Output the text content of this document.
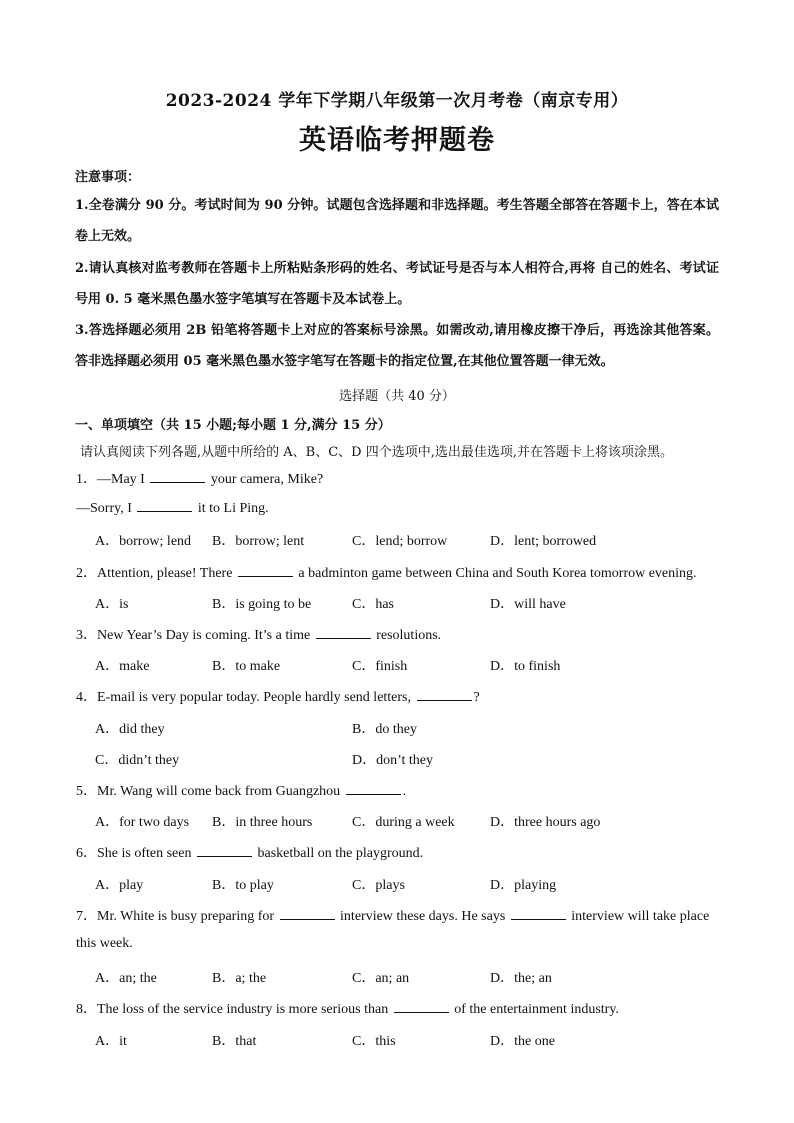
2023-2024 学年下学期八年级第一次月考卷（南京专用）
英语临考押题卷
注意事项：
1.全卷满分 90 分。考试时间为 90 分钟。试题包含选择题和非选择题。考生答题全部答在答题卡上，答在本试卷上无效。
2.请认真核对监考教师在答题卡上所粘贴条形码的姓名、考试证号是否与本人相符合,再将 自己的姓名、考试证号用 0. 5 毫米黑色墨水签字笔填写在答题卡及本试卷上。
3.答选择题必须用 2B 铅笔将答题卡上对应的答案标号涂黑。如需改动,请用橡皮擦干净后，再选涂其他答案。答非选择题必须用 05 毫米黑色墨水签字笔写在答题卡的指定位置,在其他位置答题一律无效。
选择题（共 40 分）
一、单项填空（共 15 小题;每小题 1 分,满分 15 分）
请认真阅读下列各题,从题中所给的 A、B、C、D 四个选项中,选出最佳选项,并在答题卡上将该项涂黑。
1．—May I	your camera, Mike?
—Sorry, I	it to Li Ping.
A．borrow; lend B．borrow; lent	C．lend; borrow	D．lent; borrowed
2．Attention, please! There	a badminton game between China and South Korea tomorrow evening.
A．is	B．is going to be	C．has	D．will have
3．New Year’s Day is coming. It’s a time	resolutions.
A．make	B．to make	C．finish	D．to finish
4．E-mail is very popular today. People hardly send letters,	?
A．did they	B．do they
C．didn’t they	D．don’t they
5．Mr. Wang will come back from Guangzhou	.
A．for two days B．in three hours	C．during a week	D．three hours ago
6．She is often seen	basketball on the playground.
A．play	B．to play	C．plays	D．playing
7．Mr. White is busy preparing for	interview these days. He says	interview will take place
this week.
A．an; the	B．a; the	C．an; an	D．the; an
8．The loss of the service industry is more serious than	of the entertainment industry.
A．it	B．that	C．this	D．the one
